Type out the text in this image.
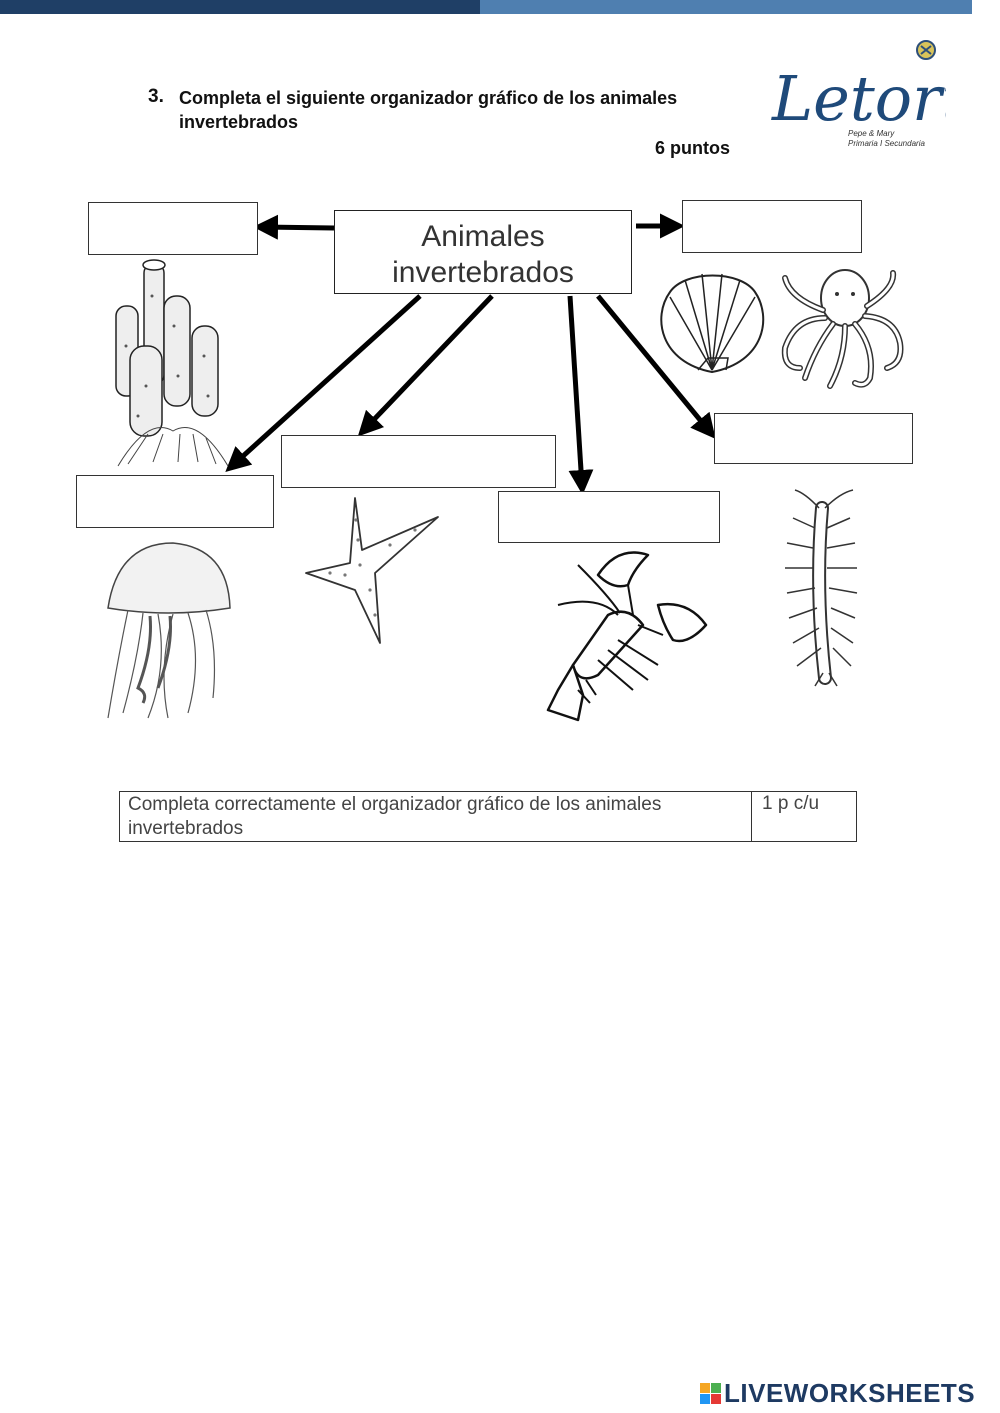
3. Completa el siguiente organizador gráfico de los animales invertebrados
6 puntos
Letor
Pepe & Mary
Primaria I Secundaria
Animales
invertebrados
Completa correctamente el organizador gráfico de los animales invertebrados
1 p c/u
LIVEWORKSHEETS
